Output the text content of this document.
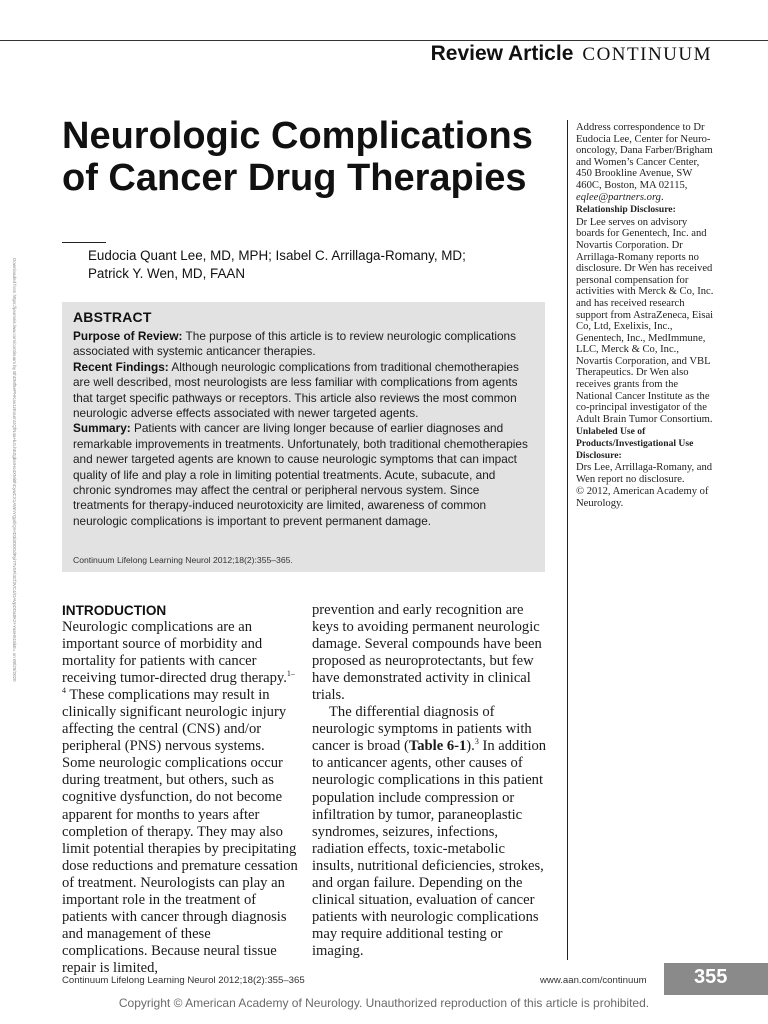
Review Article CONTINUUM
Downloaded from https://journals.lww.com/continuum by BhDMf5ePHKav1zEoum1tQfN4a+kJLhEZgbsIHo4XMi0hCywCX1AWnYQp/IlQrHD3i3D0OdRyi7TvSFl4Cf3VC4/OAVpDDa8K2+Ya6H515kE= on 08/29/2020
Neurologic Complications of Cancer Drug Therapies
Eudocia Quant Lee, MD, MPH; Isabel C. Arrillaga-Romany, MD;
Patrick Y. Wen, MD, FAAN
ABSTRACT

Purpose of Review: The purpose of this article is to review neurologic complications associated with systemic anticancer therapies.

Recent Findings: Although neurologic complications from traditional chemotherapies are well described, most neurologists are less familiar with complications from agents that target specific pathways or receptors. This article also reviews the most common neurologic adverse effects associated with newer targeted agents.

Summary: Patients with cancer are living longer because of earlier diagnoses and remarkable improvements in treatments. Unfortunately, both traditional chemotherapies and newer targeted agents are known to cause neurologic symptoms that can impact quality of life and play a role in limiting potential treatments. Acute, subacute, and chronic syndromes may affect the central or peripheral nervous system. Since treatments for therapy-induced neurotoxicity are limited, awareness of common neurologic complications is important to prevent permanent damage.

Continuum Lifelong Learning Neurol 2012;18(2):355–365.

Address correspondence to Dr Eudocia Lee, Center for Neuro-oncology, Dana Farber/Brigham and Women’s Cancer Center, 450 Brookline Avenue, SW 460C, Boston, MA 02115, eqlee@partners.org.

Relationship Disclosure:

Dr Lee serves on advisory boards for Genentech, Inc. and Novartis Corporation. Dr Arrillaga-Romany reports no disclosure. Dr Wen has received personal compensation for activities with Merck & Co, Inc. and has received research support from AstraZeneca, Eisai Co, Ltd, Exelixis, Inc., Genentech, Inc., MedImmune, LLC, Merck & Co, Inc., Novartis Corporation, and VBL Therapeutics. Dr Wen also receives grants from the National Cancer Institute as the co-principal investigator of the Adult Brain Tumor Consortium.

Unlabeled Use of Products/Investigational Use Disclosure:

Drs Lee, Arrillaga-Romany, and Wen report no disclosure.

© 2012, American Academy of Neurology.

INTRODUCTION

Neurologic complications are an important source of morbidity and mortality for patients with cancer receiving tumor-directed drug therapy.$^{1-4}$ These complications may result in clinically significant neurologic injury affecting the central (CNS) and/or peripheral (PNS) nervous systems. Some neurologic complications occur during treatment, but others, such as cognitive dysfunction, do not become apparent for months to years after completion of therapy. They may also limit potential therapies by precipitating dose reductions and premature cessation of treatment. Neurologists can play an important role in the treatment of patients with cancer through diagnosis and management of these complications. Because neural tissue repair is limited,

prevention and early recognition are keys to avoiding permanent neurologic damage. Several compounds have been proposed as neuroprotectants, but few have demonstrated activity in clinical trials.

The differential diagnosis of neurologic symptoms in patients with cancer is broad (Table 6-1).$^3$ In addition to anticancer agents, other causes of neurologic complications in this patient population include compression or infiltration by tumor, paraneoplastic syndromes, seizures, infections, radiation effects, toxic-metabolic insults, nutritional deficiencies, strokes, and organ failure. Depending on the clinical situation, evaluation of cancer patients with neurologic complications may require additional testing or imaging.

Continuum Lifelong Learning Neurol 2012;18(2):355–365	www.aan.com/continuum	355
Copyright © American Academy of Neurology. Unauthorized reproduction of this article is prohibited.
